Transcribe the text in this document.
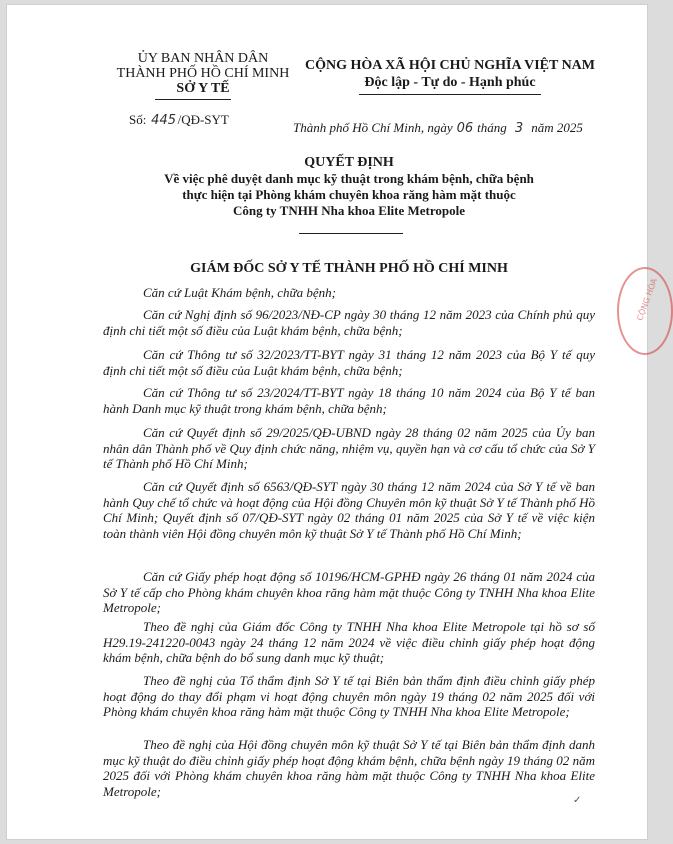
ỦY BAN NHÂN DÂN
THÀNH PHỐ HỒ CHÍ MINH
SỞ Y TẾ
CỘNG HÒA XÃ HỘI CHỦ NGHĨA VIỆT NAM
Độc lập - Tự do - Hạnh phúc
Số: 445 /QĐ-SYT
Thành phố Hồ Chí Minh, ngày 06 tháng 3 năm 2025
QUYẾT ĐỊNH
Về việc phê duyệt danh mục kỹ thuật trong khám bệnh, chữa bệnh
thực hiện tại Phòng khám chuyên khoa răng hàm mặt thuộc
Công ty TNHH Nha khoa Elite Metropole
GIÁM ĐỐC SỞ Y TẾ THÀNH PHỐ HỒ CHÍ MINH
Căn cứ Luật Khám bệnh, chữa bệnh;
Căn cứ Nghị định số 96/2023/NĐ-CP ngày 30 tháng 12 năm 2023 của Chính phủ quy định chi tiết một số điều của Luật khám bệnh, chữa bệnh;
Căn cứ Thông tư số 32/2023/TT-BYT ngày 31 tháng 12 năm 2023 của Bộ Y tế quy định chi tiết một số điều của Luật khám bệnh, chữa bệnh;
Căn cứ Thông tư số 23/2024/TT-BYT ngày 18 tháng 10 năm 2024 của Bộ Y tế ban hành Danh mục kỹ thuật trong khám bệnh, chữa bệnh;
Căn cứ Quyết định số 29/2025/QĐ-UBND ngày 28 tháng 02 năm 2025 của Ủy ban nhân dân Thành phố về Quy định chức năng, nhiệm vụ, quyền hạn và cơ cấu tổ chức của Sở Y tế Thành phố Hồ Chí Minh;
Căn cứ Quyết định số 6563/QĐ-SYT ngày 30 tháng 12 năm 2024 của Sở Y tế về ban hành Quy chế tổ chức và hoạt động của Hội đồng Chuyên môn kỹ thuật Sở Y tế Thành phố Hồ Chí Minh; Quyết định số 07/QĐ-SYT ngày 02 tháng 01 năm 2025 của Sở Y tế về việc kiện toàn thành viên Hội đồng chuyên môn kỹ thuật Sở Y tế Thành phố Hồ Chí Minh;
Căn cứ Giấy phép hoạt động số 10196/HCM-GPHĐ ngày 26 tháng 01 năm 2024 của Sở Y tế cấp cho Phòng khám chuyên khoa răng hàm mặt thuộc Công ty TNHH Nha khoa Elite Metropole;
Theo đề nghị của Giám đốc Công ty TNHH Nha khoa Elite Metropole tại hồ sơ số H29.19-241220-0043 ngày 24 tháng 12 năm 2024 về việc điều chỉnh giấy phép hoạt động khám bệnh, chữa bệnh do bổ sung danh mục kỹ thuật;
Theo đề nghị của Tổ thẩm định Sở Y tế tại Biên bản thẩm định điều chỉnh giấy phép hoạt động do thay đổi phạm vi hoạt động chuyên môn ngày 19 tháng 02 năm 2025 đối với Phòng khám chuyên khoa răng hàm mặt thuộc Công ty TNHH Nha khoa Elite Metropole;
Theo đề nghị của Hội đồng chuyên môn kỹ thuật Sở Y tế tại Biên bản thẩm định danh mục kỹ thuật do điều chỉnh giấy phép hoạt động khám bệnh, chữa bệnh ngày 19 tháng 02 năm 2025 đối với Phòng khám chuyên khoa răng hàm mặt thuộc Công ty TNHH Nha khoa Elite Metropole;
CỘNG HÒA
✓
